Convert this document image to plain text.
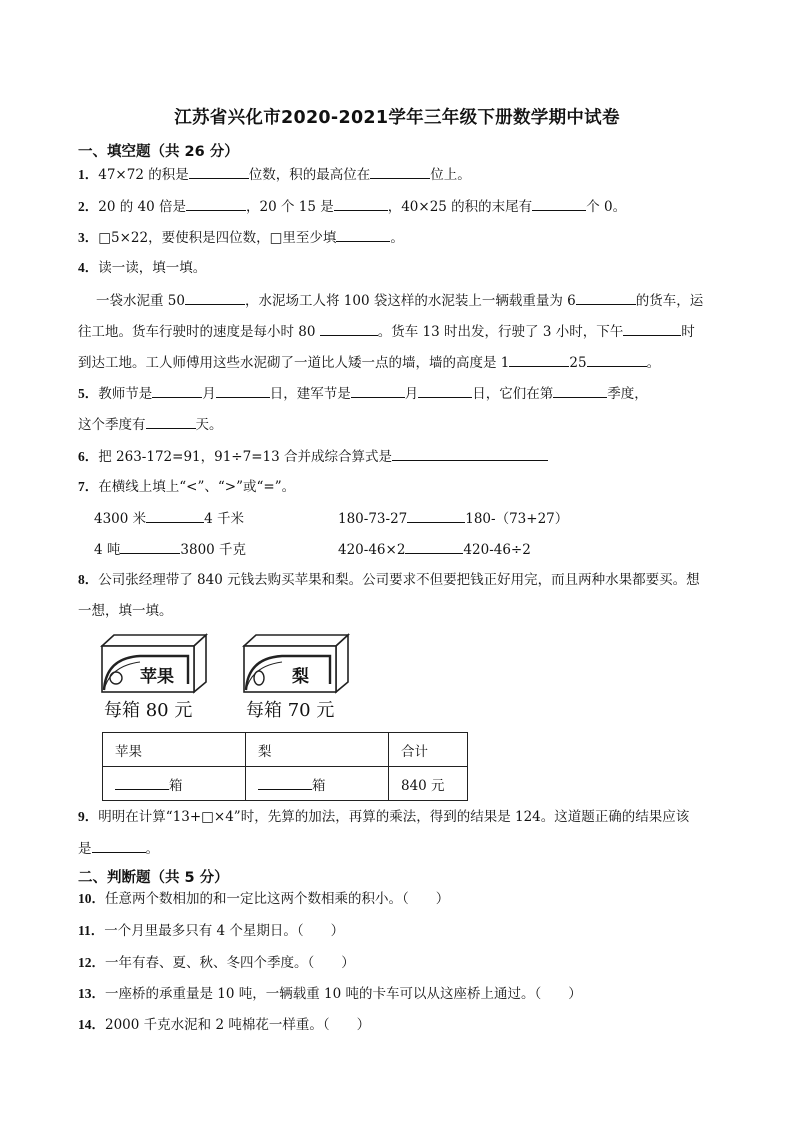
江苏省兴化市2020-2021学年三年级下册数学期中试卷
一、填空题（共 26 分）
1．47×72 的积是	位数，积的最高位在	位上。
2．20 的 40 倍是	，20 个 15 是	，40×25 的积的末尾有	个 0。
3．□5×22，要使积是四位数，□里至少填	。
4．读一读，填一填。
一袋水泥重 50	，水泥场工人将 100 袋这样的水泥装上一辆载重量为 6	的货车，运
往工地。货车行驶时的速度是每小时 80	。货车 13 时出发，行驶了 3 小时，下午	时
到达工地。工人师傅用这些水泥砌了一道比人矮一点的墙，墙的高度是 1	25	。
5．教师节是	月	日，建军节是	月	日，它们在第	季度，
这个季度有	天。
6．把 263-172=91，91÷7=13 合并成综合算式是
7．在横线上填上“<”、“>”或“=”。
4300 米	4 千米	180-73-27	180-（73+27）
4 吨	3800 千克	420-46×2	420-46÷2
8．公司张经理带了 840 元钱去购买苹果和梨。公司要求不但要把钱正好用完，而且两种水果都要买。想
一想，填一填。
苹果	梨
每箱 80 元	每箱 70 元
苹果	梨	合计
箱	箱	840 元
9．明明在计算“13+□×4”时，先算的加法，再算的乘法，得到的结果是 124。这道题正确的结果应该
是	。
二、判断题（共 5 分）
10．任意两个数相加的和一定比这两个数相乘的积小。（　　）
11．一个月里最多只有 4 个星期日。（　　）
12．一年有春、夏、秋、冬四个季度。（　　）
13．一座桥的承重量是 10 吨，一辆载重 10 吨的卡车可以从这座桥上通过。（　　）
14．2000 千克水泥和 2 吨棉花一样重。（　　）
